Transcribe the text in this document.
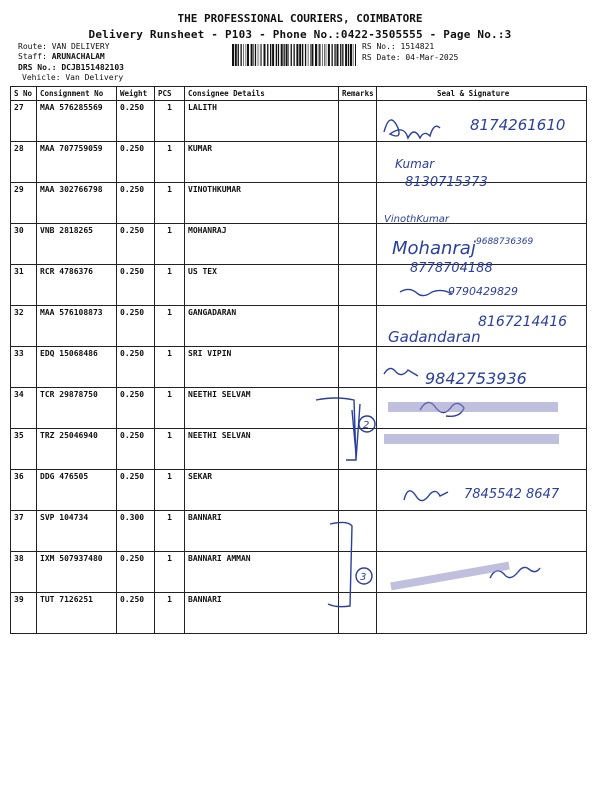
THE PROFESSIONAL COURIERS, COIMBATORE
Delivery Runsheet - P103 - Phone No.:0422-3505555 - Page No.:3
Route: VAN DELIVERY
Staff: ARUNACHALAM
DRS No.: DCJB151482103
Vehicle: Van Delivery
RS No.: 1514821
RS Date: 04-Mar-2025
S No	Consignment No	Weight	PCS	Consignee Details	Remarks	Seal & Signature
27	MAA 576285569	0.250	1	LALITH		
28	MAA 707759059	0.250	1	KUMAR		
29	MAA 302766798	0.250	1	VINOTHKUMAR		
30	VNB 2818265	0.250	1	MOHANRAJ		
31	RCR 4786376	0.250	1	US TEX		
32	MAA 576108873	0.250	1	GANGADARAN		
33	EDQ 15068486	0.250	1	SRI VIPIN		
34	TCR 29878750	0.250	1	NEETHI SELVAM		
35	TRZ 25046940	0.250	1	NEETHI SELVAN		
36	DDG 476505	0.250	1	SEKAR		
37	SVP 104734	0.300	1	BANNARI		
38	IXM 507937480	0.250	1	BANNARI AMMAN		
39	TUT 7126251	0.250	1	BANNARI		
8174261610
Kumar
8130715373
VinothKumar
Mohanraj 9688736369
8778704188
9790429829
8167214416
Gadandaran
9842753936
2
7845542 8647
3
